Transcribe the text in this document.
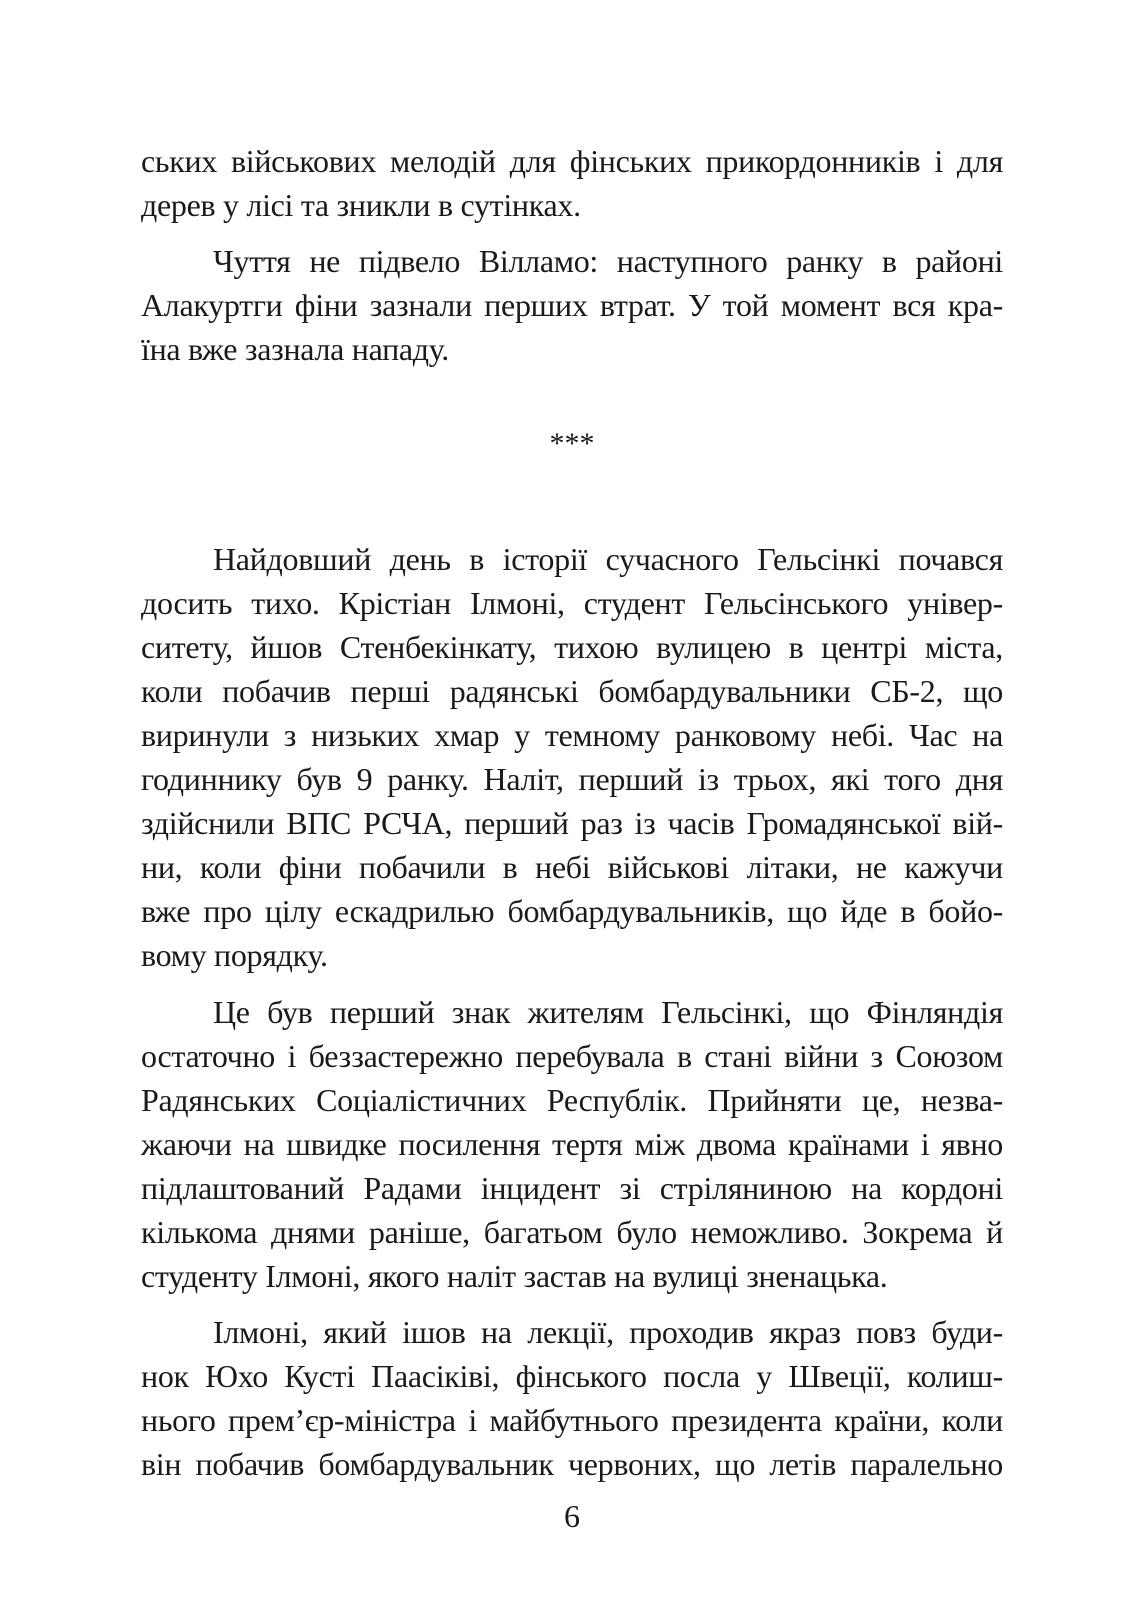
ських військових мелодій для фінських прикордонників і для
дерев у лісі та зникли в сутінках.
Чуття не підвело Вілламо: наступного ранку в районі
Алакуртги фіни зазнали перших втрат. У той момент вся кра-
їна вже зазнала нападу.
***
Найдовший день в історії сучасного Гельсінкі почався
досить тихо. Крістіан Ілмоні, студент Гельсінського універ-
ситету, йшов Стенбекінкату, тихою вулицею в центрі міста,
коли побачив перші радянські бомбардувальники СБ-2, що
виринули з низьких хмар у темному ранковому небі. Час на
годиннику був 9 ранку. Наліт, перший із трьох, які того дня
здійснили ВПС РСЧА, перший раз із часів Громадянської вій-
ни, коли фіни побачили в небі військові літаки, не кажучи
вже про цілу ескадрилью бомбардувальників, що йде в бойо-
вому порядку.
Це був перший знак жителям Гельсінкі, що Фінляндія
остаточно і беззастережно перебувала в стані війни з Союзом
Радянських Соціалістичних Республік. Прийняти це, незва-
жаючи на швидке посилення тертя між двома країнами і явно
підлаштований Радами інцидент зі стріляниною на кордоні
кількома днями раніше, багатьом було неможливо. Зокрема й
студенту Ілмоні, якого наліт застав на вулиці зненацька.
Ілмоні, який ішов на лекції, проходив якраз повз буди-
нок Юхо Кусті Паасіківі, фінського посла у Швеції, колиш-
нього прем’єр-міністра і майбутнього президента країни, коли
він побачив бомбардувальник червоних, що летів паралельно
6
